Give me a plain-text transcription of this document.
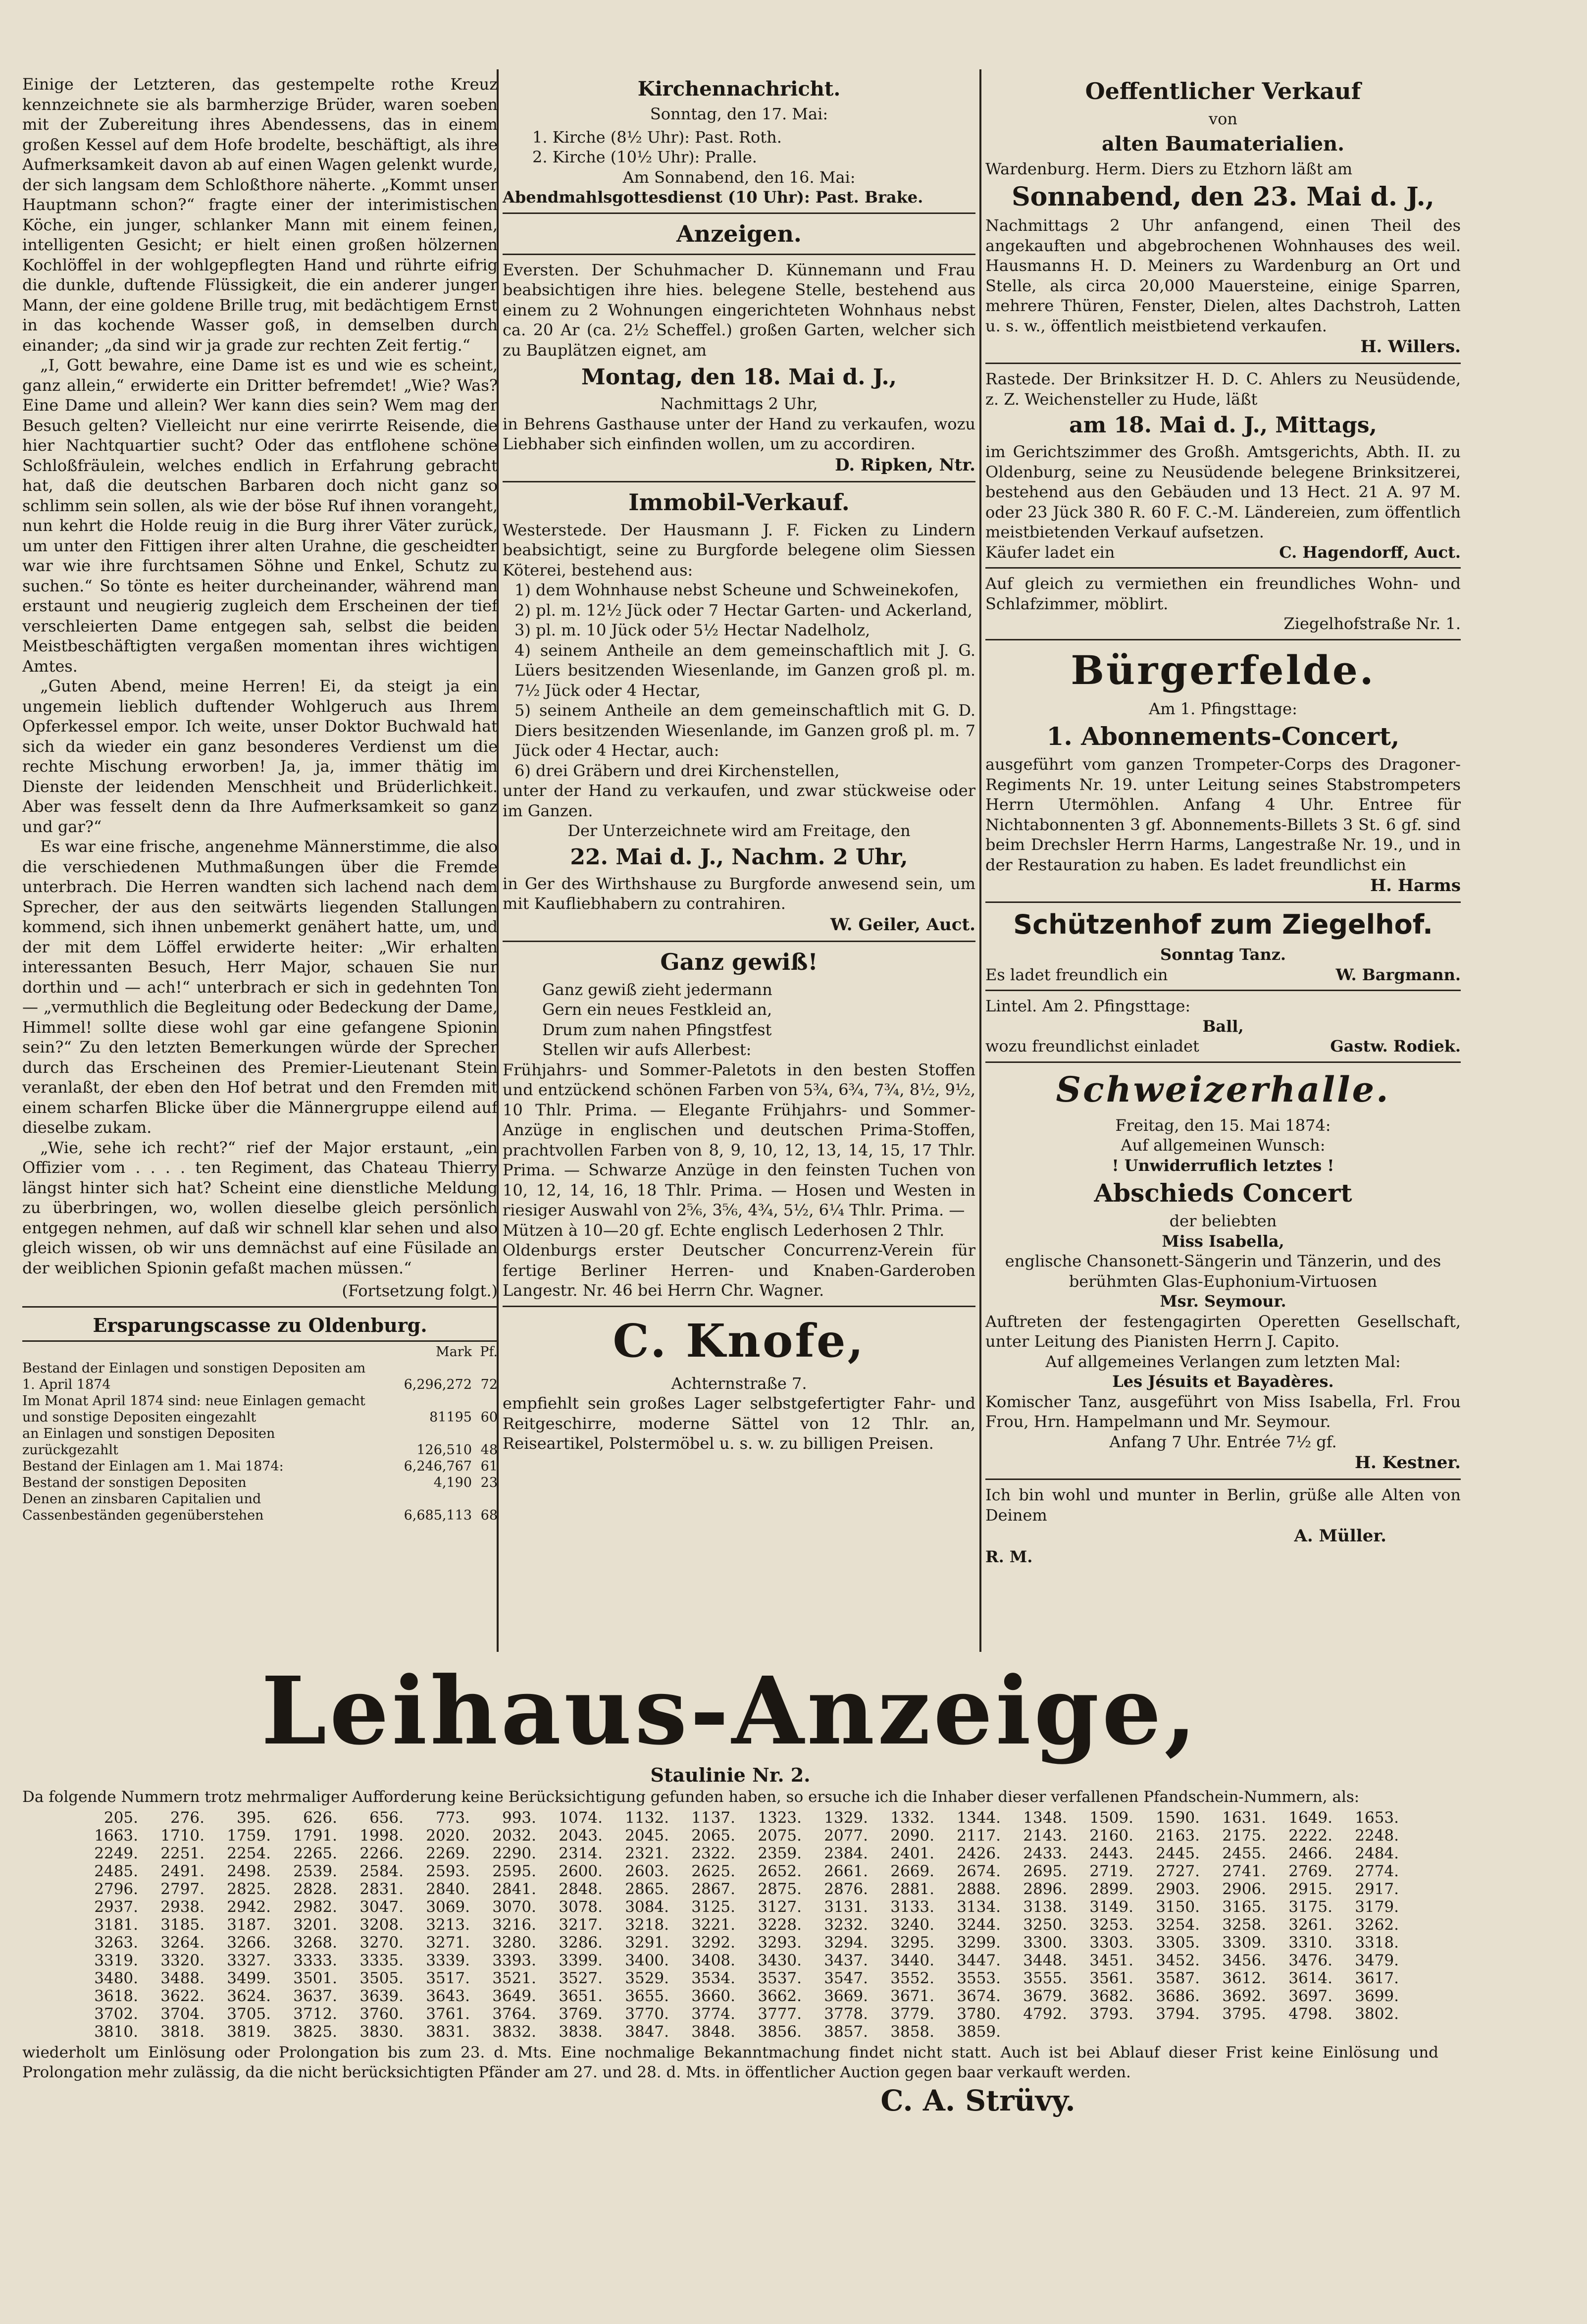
Einige der Letzteren, das gestempelte rothe Kreuz kennzeichnete sie als barmherzige Brüder, waren soeben mit der Zubereitung ihres Abendessens, das in einem großen Kessel auf dem Hofe brodelte, beschäftigt, als ihre Aufmerksamkeit davon ab auf einen Wagen gelenkt wurde, der sich langsam dem Schloßthore näherte. „Kommt unser Hauptmann schon?“ fragte einer der interimistischen Köche, ein junger, schlanker Mann mit einem feinen, intelligenten Gesicht; er hielt einen großen hölzernen Kochlöffel in der wohlgepflegten Hand und rührte eifrig die dunkle, duftende Flüssigkeit, die ein anderer junger Mann, der eine goldene Brille trug, mit bedächtigem Ernst in das kochende Wasser goß, in demselben durch einander; „da sind wir ja grade zur rechten Zeit fertig.“

„I, Gott bewahre, eine Dame ist es und wie es scheint, ganz allein,“ erwiderte ein Dritter befremdet! „Wie? Was? Eine Dame und allein? Wer kann dies sein? Wem mag der Besuch gelten? Vielleicht nur eine verirrte Reisende, die hier Nachtquartier sucht? Oder das entflohene schöne Schloßfräulein, welches endlich in Erfahrung gebracht hat, daß die deutschen Barbaren doch nicht ganz so schlimm sein sollen, als wie der böse Ruf ihnen vorangeht, nun kehrt die Holde reuig in die Burg ihrer Väter zurück, um unter den Fittigen ihrer alten Urahne, die gescheidter war wie ihre furchtsamen Söhne und Enkel, Schutz zu suchen.“ So tönte es heiter durcheinander, während man erstaunt und neugierig zugleich dem Erscheinen der tief verschleierten Dame entgegen sah, selbst die beiden Meistbeschäftigten vergaßen momentan ihres wichtigen Amtes.

„Guten Abend, meine Herren! Ei, da steigt ja ein ungemein lieblich duftender Wohlgeruch aus Ihrem Opferkessel empor. Ich weite, unser Doktor Buchwald hat sich da wieder ein ganz besonderes Verdienst um die rechte Mischung erworben! Ja, ja, immer thätig im Dienste der leidenden Menschheit und Brüderlichkeit. Aber was fesselt denn da Ihre Aufmerksamkeit so ganz und gar?“

Es war eine frische, angenehme Männerstimme, die also die verschiedenen Muthmaßungen über die Fremde unterbrach. Die Herren wandten sich lachend nach dem Sprecher, der aus den seitwärts liegenden Stallungen kommend, sich ihnen unbemerkt genähert hatte, um, und der mit dem Löffel erwiderte heiter: „Wir erhalten interessanten Besuch, Herr Major, schauen Sie nur dorthin und — ach!“ unterbrach er sich in gedehnten Ton — „vermuthlich die Begleitung oder Bedeckung der Dame, Himmel! sollte diese wohl gar eine gefangene Spionin sein?“ Zu den letzten Bemerkungen würde der Sprecher durch das Erscheinen des Premier-Lieutenant Stein veranlaßt, der eben den Hof betrat und den Fremden mit einem scharfen Blicke über die Männergruppe eilend auf dieselbe zukam.

„Wie, sehe ich recht?“ rief der Major erstaunt, „ein Offizier vom . . . . ten Regiment, das Chateau Thierry längst hinter sich hat? Scheint eine dienstliche Meldung zu überbringen, wo, wollen dieselbe gleich persönlich entgegen nehmen, auf daß wir schnell klar sehen und also gleich wissen, ob wir uns demnächst auf eine Füsilade an der weiblichen Spionin gefaßt machen müssen.“

(Fortsetzung folgt.)
Ersparungscasse zu Oldenburg.
	Mark	Pf.
Bestand der Einlagen und sonstigen Depositen am 1. April 1874	6,296,272	72
Im Monat April 1874 sind: neue Einlagen gemacht und sonstige Depositen eingezahlt	81195	60
an Einlagen und sonstigen Depositen zurückgezahlt	126,510	48
Bestand der Einlagen am 1. Mai 1874:	6,246,767	61
Bestand der sonstigen Depositen	4,190	23
Denen an zinsbaren Capitalien und Cassenbeständen gegenüberstehen	6,685,113	68
Kirchennachricht.
Sonntag, den 17. Mai:
1. Kirche (8½ Uhr): Past. Roth.
2. Kirche (10½ Uhr): Pralle.
Am Sonnabend, den 16. Mai:
Abendmahlsgottesdienst (10 Uhr): Past. Brake.
Anzeigen.
Eversten. Der Schuhmacher D. Künnemann und Frau beabsichtigen ihre hies. belegene Stelle, bestehend aus einem zu 2 Wohnungen eingerichteten Wohnhaus nebst ca. 20 Ar (ca. 2½ Scheffel.) großen Garten, welcher sich zu Bauplätzen eignet, am
Montag, den 18. Mai d. J.,
Nachmittags 2 Uhr,
in Behrens Gasthause unter der Hand zu verkaufen, wozu Liebhaber sich einfinden wollen, um zu accordiren.
D. Ripken, Ntr.
Immobil-Verkauf.
Westerstede. Der Hausmann J. F. Ficken zu Lindern beabsichtigt, seine zu Burgforde belegene olim Siessen Köterei, bestehend aus:
1) dem Wohnhause nebst Scheune und Schweinekofen,
2) pl. m. 12½ Jück oder 7 Hectar Garten- und Ackerland,
3) pl. m. 10 Jück oder 5½ Hectar Nadelholz,
4) seinem Antheile an dem gemeinschaftlich mit J. G. Lüers besitzenden Wiesenlande, im Ganzen groß pl. m. 7½ Jück oder 4 Hectar,
5) seinem Antheile an dem gemeinschaftlich mit G. D. Diers besitzenden Wiesenlande, im Ganzen groß pl. m. 7 Jück oder 4 Hectar, auch:
6) drei Gräbern und drei Kirchenstellen,
unter der Hand zu verkaufen, und zwar stückweise oder im Ganzen.
Der Unterzeichnete wird am Freitage, den
22. Mai d. J., Nachm. 2 Uhr,
in Ger des Wirthshause zu Burgforde anwesend sein, um mit Kaufliebhabern zu contrahiren.
W. Geiler, Auct.
Ganz gewiß!
Ganz gewiß zieht jedermann
Gern ein neues Festkleid an,
Drum zum nahen Pfingstfest
Stellen wir aufs Allerbest:
Frühjahrs- und Sommer-Paletots in den besten Stoffen und entzückend schönen Farben von 5¾, 6¾, 7¾, 8½, 9½, 10 Thlr. Prima. — Elegante Frühjahrs- und Sommer-Anzüge in englischen und deutschen Prima-Stoffen, prachtvollen Farben von 8, 9, 10, 12, 13, 14, 15, 17 Thlr. Prima. — Schwarze Anzüge in den feinsten Tuchen von 10, 12, 14, 16, 18 Thlr. Prima. — Hosen und Westen in riesiger Auswahl von 2⅚, 3⅚, 4¾, 5½, 6¼ Thlr. Prima. —
Mützen à 10—20 gf. Echte englisch Lederhosen 2 Thlr.
Oldenburgs erster Deutscher Concurrenz-Verein für fertige Berliner Herren- und Knaben-Garderoben Langestr. Nr. 46 bei Herrn Chr. Wagner.
C. Knofe,
Achternstraße 7.
empfiehlt sein großes Lager selbstgefertigter Fahr- und Reitgeschirre, moderne Sättel von 12 Thlr. an, Reiseartikel, Polstermöbel u. s. w. zu billigen Preisen.
Oeffentlicher Verkauf
von
alten Baumaterialien.
Wardenburg. Herm. Diers zu Etzhorn läßt am
Sonnabend, den 23. Mai d. J.,
Nachmittags 2 Uhr anfangend, einen Theil des angekauften und abgebrochenen Wohnhauses des weil. Hausmanns H. D. Meiners zu Wardenburg an Ort und Stelle, als circa 20,000 Mauersteine, einige Sparren, mehrere Thüren, Fenster, Dielen, altes Dachstroh, Latten u. s. w., öffentlich meistbietend verkaufen.
H. Willers.
Rastede. Der Brinksitzer H. D. C. Ahlers zu Neusüdende, z. Z. Weichensteller zu Hude, läßt
am 18. Mai d. J., Mittags,
im Gerichtszimmer des Großh. Amtsgerichts, Abth. II. zu Oldenburg, seine zu Neusüdende belegene Brinksitzerei, bestehend aus den Gebäuden und 13 Hect. 21 A. 97 M. oder 23 Jück 380 R. 60 F. C.-M. Ländereien, zum öffentlich meistbietenden Verkauf aufsetzen.
Käufer ladet ein	C. Hagendorff, Auct.
Auf gleich zu vermiethen ein freundliches Wohn- und Schlafzimmer, möblirt.
Ziegelhofstraße Nr. 1.
Bürgerfelde.
Am 1. Pfingsttage:
1. Abonnements-Concert,
ausgeführt vom ganzen Trompeter-Corps des Dragoner-Regiments Nr. 19. unter Leitung seines Stabstrompeters Herrn Utermöhlen. Anfang 4 Uhr. Entree für Nichtabonnenten 3 gf. Abonnements-Billets 3 St. 6 gf. sind beim Drechsler Herrn Harms, Langestraße Nr. 19., und in der Restauration zu haben. Es ladet freundlichst ein
H. Harms
Schützenhof zum Ziegelhof.
Sonntag Tanz.
Es ladet freundlich ein	W. Bargmann.
Lintel. Am 2. Pfingsttage:
Ball,
wozu freundlichst einladet	Gastw. Rodiek.
Schweizerhalle.
Freitag, den 15. Mai 1874:
Auf allgemeinen Wunsch:
! Unwiderruflich letztes !
Abschieds Concert
der beliebten
Miss Isabella,
englische Chansonett-Sängerin und Tänzerin, und des berühmten Glas-Euphonium-Virtuosen
Msr. Seymour.
Auftreten der festengagirten Operetten Gesellschaft, unter Leitung des Pianisten Herrn J. Capito.
Auf allgemeines Verlangen zum letzten Mal:
Les Jésuits et Bayadères.
Komischer Tanz, ausgeführt von Miss Isabella, Frl. Frou Frou, Hrn. Hampelmann und Mr. Seymour.
Anfang 7 Uhr. Entrée 7½ gf.
H. Kestner.
Ich bin wohl und munter in Berlin, grüße alle Alten von Deinem
A. Müller.
R. M.
Leihaus-Anzeige,
Staulinie Nr. 2.
Da folgende Nummern trotz mehrmaliger Aufforderung keine Berücksichtigung gefunden haben, so ersuche ich die Inhaber dieser verfallenen Pfandschein-Nummern, als:
205.	276.	395.	626.	656.	773.	993.	1074.	1132.	1137.	1323.	1329.	1332.	1344.	1348.	1509.	1590.	1631.	1649.	1653.
1663.	1710.	1759.	1791.	1998.	2020.	2032.	2043.	2045.	2065.	2075.	2077.	2090.	2117.	2143.	2160.	2163.	2175.	2222.	2248.
2249.	2251.	2254.	2265.	2266.	2269.	2290.	2314.	2321.	2322.	2359.	2384.	2401.	2426.	2433.	2443.	2445.	2455.	2466.	2484.
2485.	2491.	2498.	2539.	2584.	2593.	2595.	2600.	2603.	2625.	2652.	2661.	2669.	2674.	2695.	2719.	2727.	2741.	2769.	2774.
2796.	2797.	2825.	2828.	2831.	2840.	2841.	2848.	2865.	2867.	2875.	2876.	2881.	2888.	2896.	2899.	2903.	2906.	2915.	2917.
2937.	2938.	2942.	2982.	3047.	3069.	3070.	3078.	3084.	3125.	3127.	3131.	3133.	3134.	3138.	3149.	3150.	3165.	3175.	3179.
3181.	3185.	3187.	3201.	3208.	3213.	3216.	3217.	3218.	3221.	3228.	3232.	3240.	3244.	3250.	3253.	3254.	3258.	3261.	3262.
3263.	3264.	3266.	3268.	3270.	3271.	3280.	3286.	3291.	3292.	3293.	3294.	3295.	3299.	3300.	3303.	3305.	3309.	3310.	3318.
3319.	3320.	3327.	3333.	3335.	3339.	3393.	3399.	3400.	3408.	3430.	3437.	3440.	3447.	3448.	3451.	3452.	3456.	3476.	3479.
3480.	3488.	3499.	3501.	3505.	3517.	3521.	3527.	3529.	3534.	3537.	3547.	3552.	3553.	3555.	3561.	3587.	3612.	3614.	3617.
3618.	3622.	3624.	3637.	3639.	3643.	3649.	3651.	3655.	3660.	3662.	3669.	3671.	3674.	3679.	3682.	3686.	3692.	3697.	3699.
3702.	3704.	3705.	3712.	3760.	3761.	3764.	3769.	3770.	3774.	3777.	3778.	3779.	3780.	4792.	3793.	3794.	3795.	4798.	3802.
3810.	3818.	3819.	3825.	3830.	3831.	3832.	3838.	3847.	3848.	3856.	3857.	3858.	3859.
wiederholt um Einlösung oder Prolongation bis zum 23. d. Mts. Eine nochmalige Bekanntmachung findet nicht statt. Auch ist bei Ablauf dieser Frist keine Einlösung und Prolongation mehr zulässig, da die nicht berücksichtigten Pfänder am 27. und 28. d. Mts. in öffentlicher Auction gegen baar verkauft werden.
C. A. Strüvy.
